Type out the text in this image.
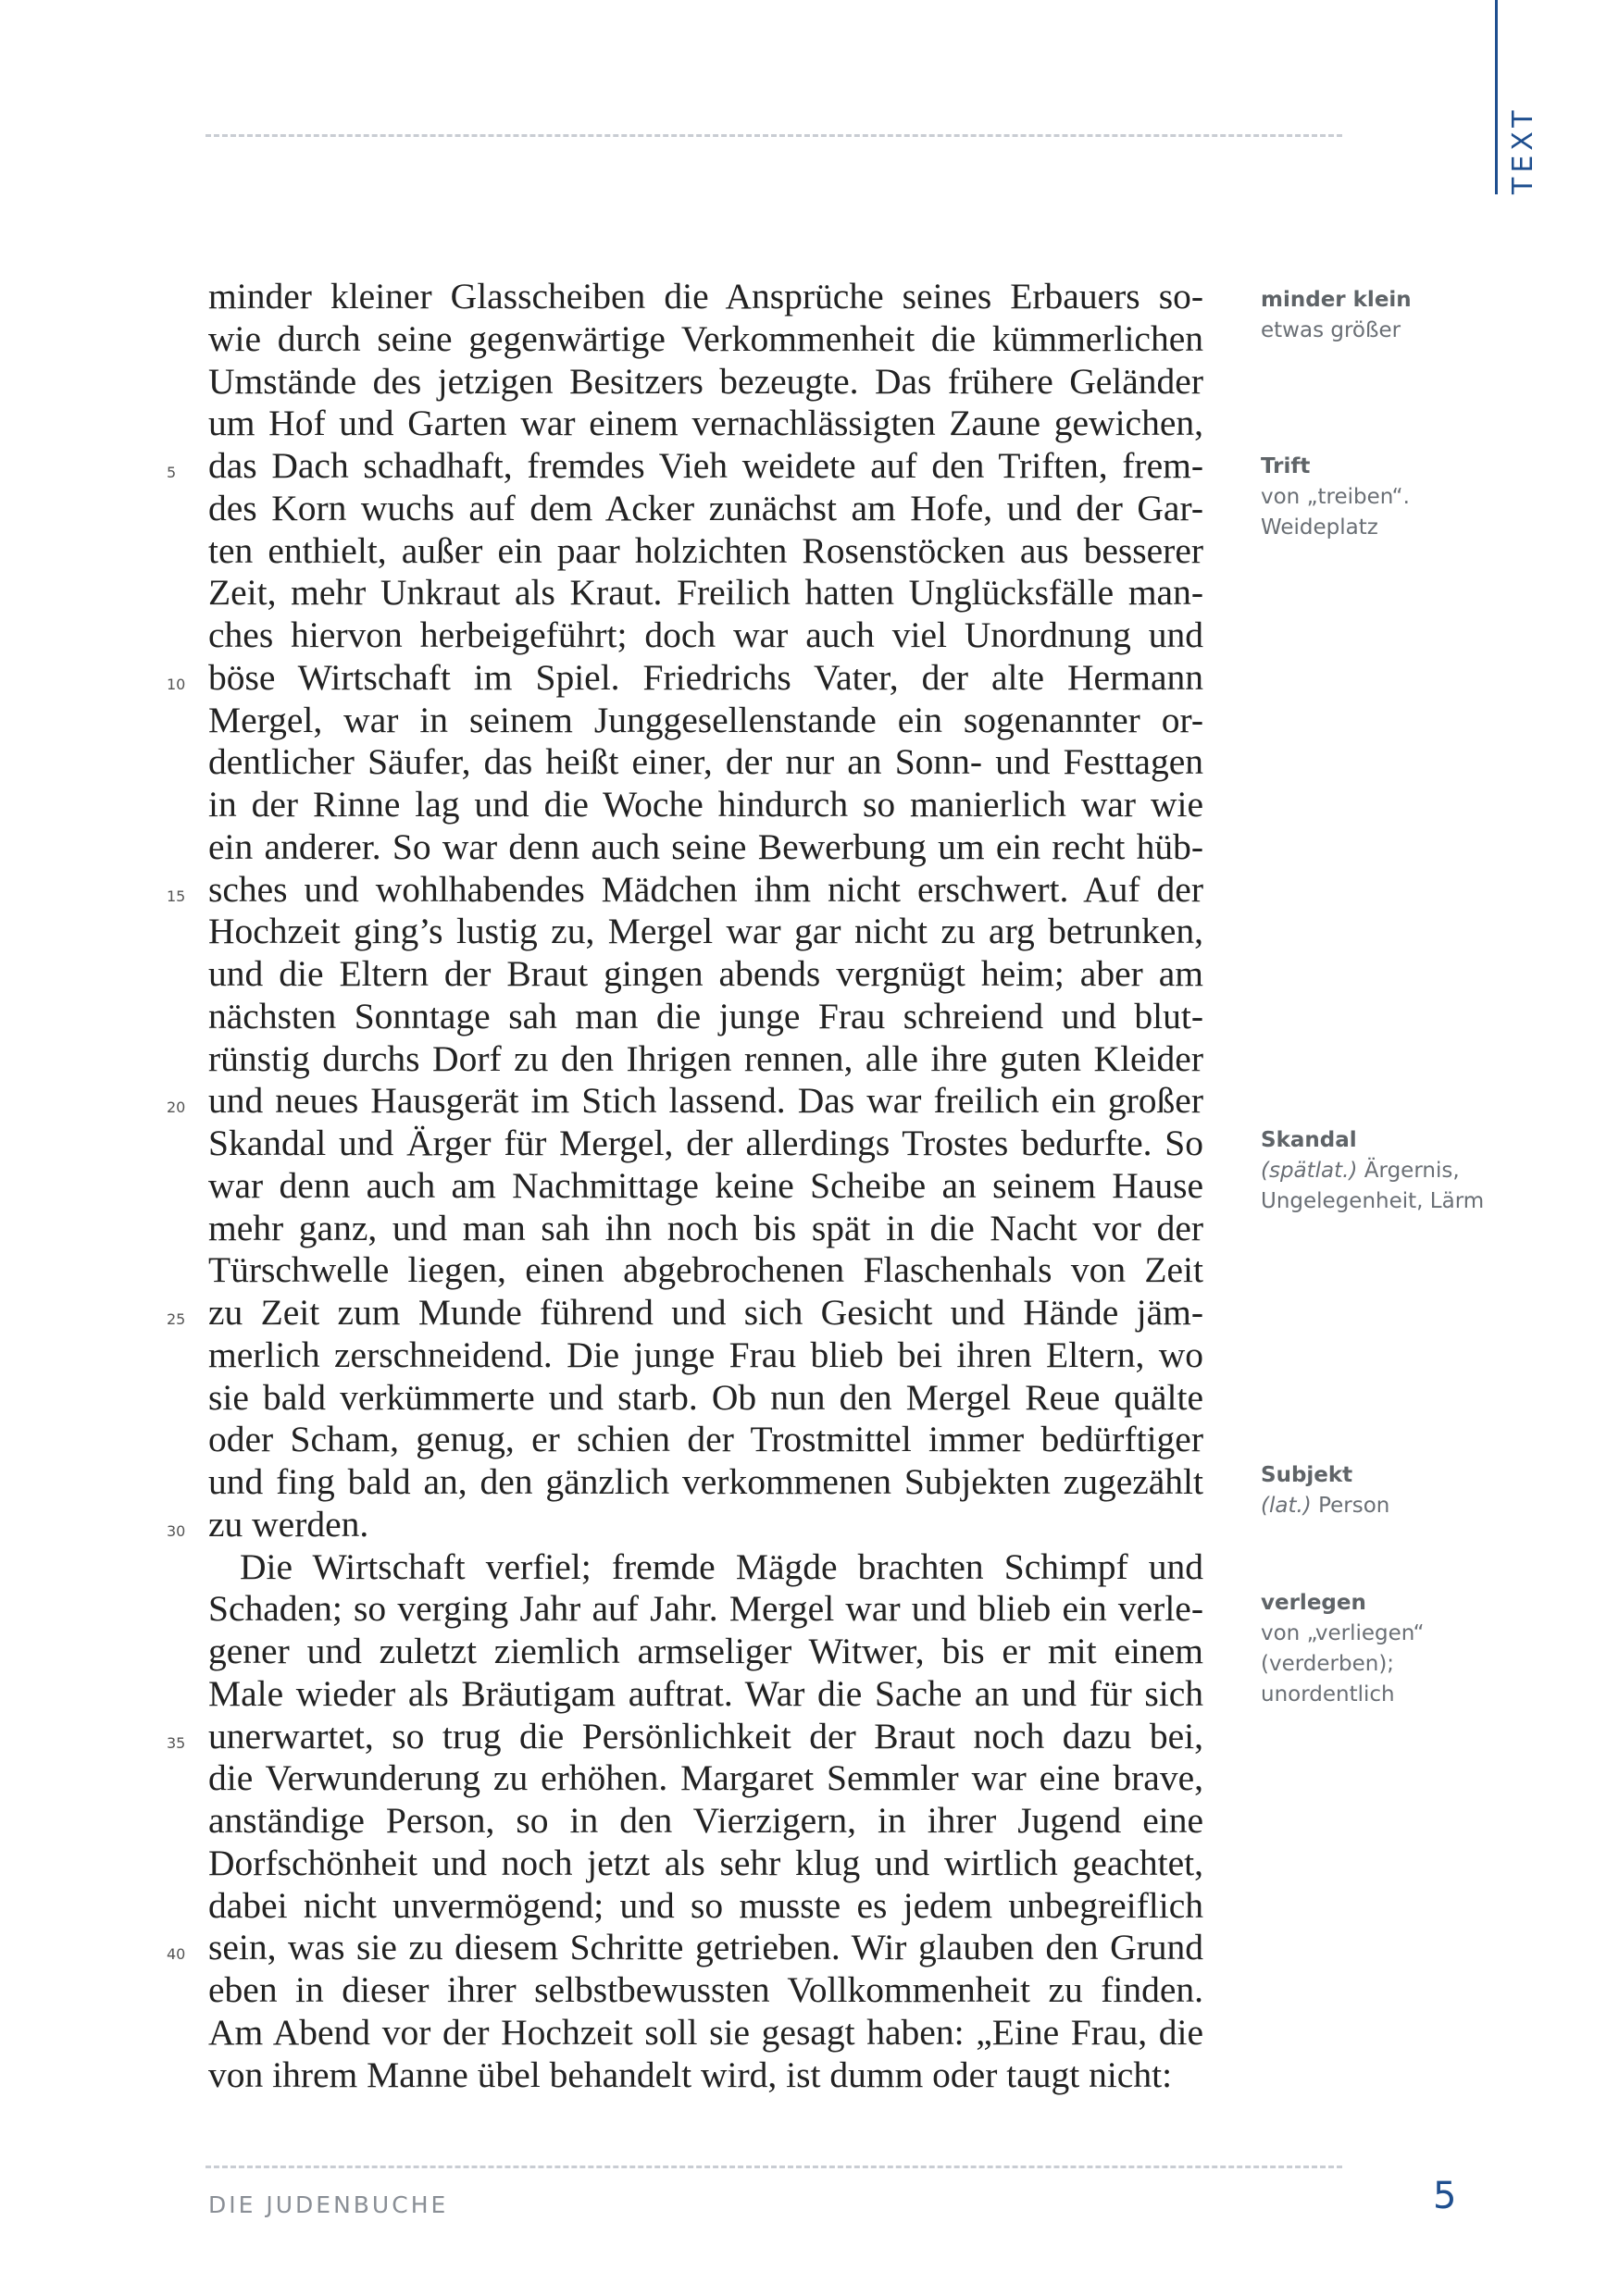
TEXT
minder kleiner Glasscheiben die Ansprüche seines Erbauers so-
wie durch seine gegenwärtige Verkommenheit die kümmerlichen
Umstände des jetzigen Besitzers bezeugte. Das frühere Geländer
um Hof und Garten war einem vernachlässigten Zaune gewichen,
das Dach schadhaft, fremdes Vieh weidete auf den Triften, frem-
des Korn wuchs auf dem Acker zunächst am Hofe, und der Gar-
ten enthielt, außer ein paar holzichten Rosenstöcken aus besserer
Zeit, mehr Unkraut als Kraut. Freilich hatten Unglücksfälle man-
ches hiervon herbeigeführt; doch war auch viel Unordnung und
böse Wirtschaft im Spiel. Friedrichs Vater, der alte Hermann
Mergel, war in seinem Junggesellenstande ein sogenannter or-
dentlicher Säufer, das heißt einer, der nur an Sonn- und Festtagen
in der Rinne lag und die Woche hindurch so manierlich war wie
ein anderer. So war denn auch seine Bewerbung um ein recht hüb-
sches und wohlhabendes Mädchen ihm nicht erschwert. Auf der
Hochzeit ging’s lustig zu, Mergel war gar nicht zu arg betrunken,
und die Eltern der Braut gingen abends vergnügt heim; aber am
nächsten Sonntage sah man die junge Frau schreiend und blut-
rünstig durchs Dorf zu den Ihrigen rennen, alle ihre guten Kleider
und neues Hausgerät im Stich lassend. Das war freilich ein großer
Skandal und Ärger für Mergel, der allerdings Trostes bedurfte. So
war denn auch am Nachmittage keine Scheibe an seinem Hause
mehr ganz, und man sah ihn noch bis spät in die Nacht vor der
Türschwelle liegen, einen abgebrochenen Flaschenhals von Zeit
zu Zeit zum Munde führend und sich Gesicht und Hände jäm-
merlich zerschneidend. Die junge Frau blieb bei ihren Eltern, wo
sie bald verkümmerte und starb. Ob nun den Mergel Reue quälte
oder Scham, genug, er schien der Trostmittel immer bedürftiger
und fing bald an, den gänzlich verkommenen Subjekten zugezählt
zu werden.
Die Wirtschaft verfiel; fremde Mägde brachten Schimpf und
Schaden; so verging Jahr auf Jahr. Mergel war und blieb ein verle-
gener und zuletzt ziemlich armseliger Witwer, bis er mit einem
Male wieder als Bräutigam auftrat. War die Sache an und für sich
unerwartet, so trug die Persönlichkeit der Braut noch dazu bei,
die Verwunderung zu erhöhen. Margaret Semmler war eine brave,
anständige Person, so in den Vierzigern, in ihrer Jugend eine
Dorfschönheit und noch jetzt als sehr klug und wirtlich geachtet,
dabei nicht unvermögend; und so musste es jedem unbegreiflich
sein, was sie zu diesem Schritte getrieben. Wir glauben den Grund
eben in dieser ihrer selbstbewussten Vollkommenheit zu finden.
Am Abend vor der Hochzeit soll sie gesagt haben: „Eine Frau, die
von ihrem Manne übel behandelt wird, ist dumm oder taugt nicht:
5
10
15
20
25
30
35
40
minder klein
etwas größer
Trift
von „treiben“. Weideplatz
Skandal
(spätlat.) Ärgernis, Ungelegenheit, Lärm
Subjekt
(lat.) Person
verlegen
von „verliegen“ (verderben); unordentlich
DIE JUDENBUCHE	5
